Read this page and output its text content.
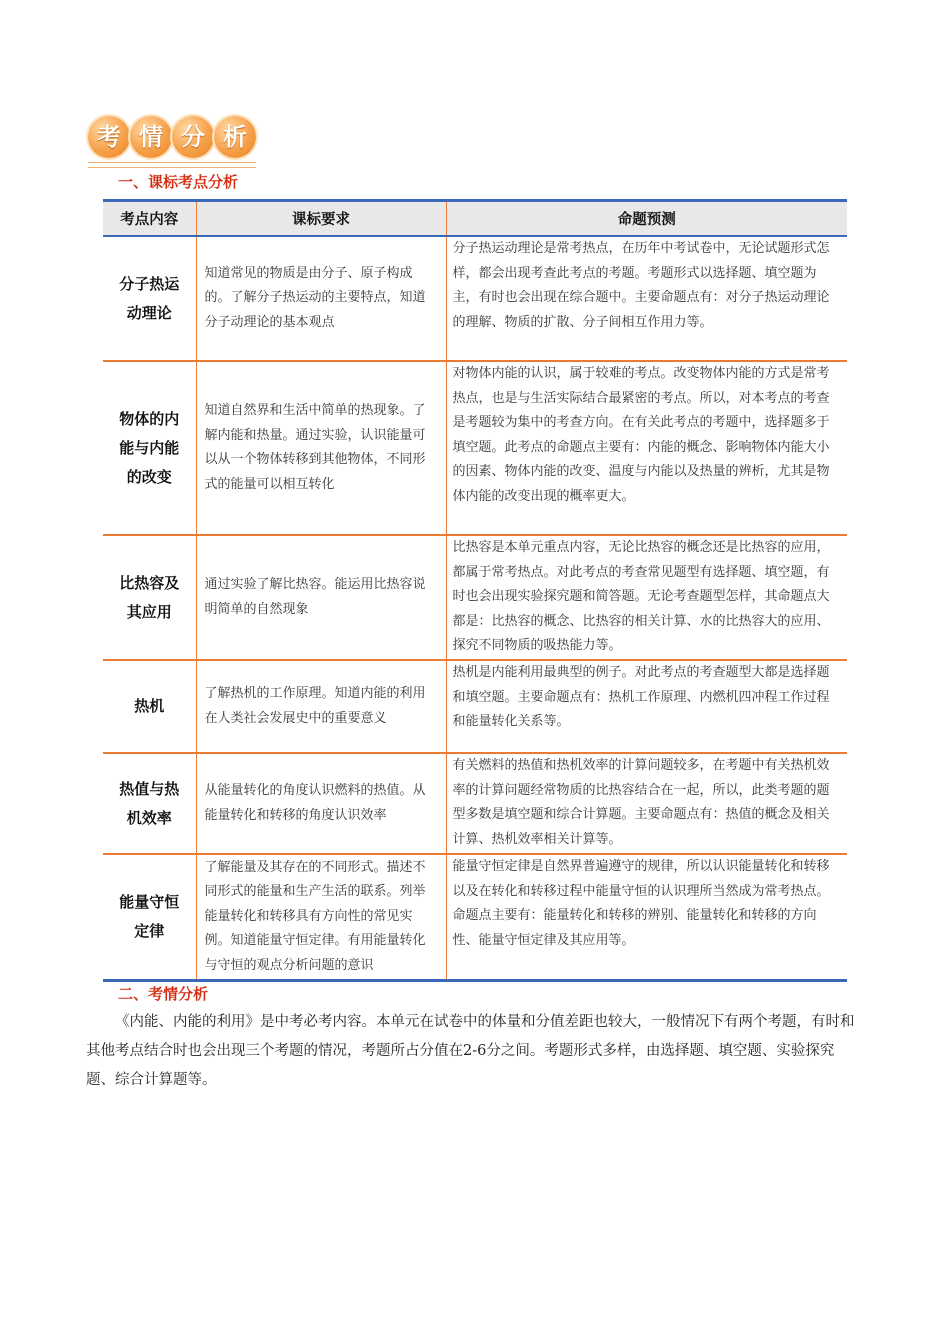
考 情 分 析
一、课标考点分析
考点内容	课标要求	命题预测
分子热运动理论	知道常见的物质是由分子、原子构成的。了解分子热运动的主要特点，知道分子动理论的基本观点	分子热运动理论是常考热点，在历年中考试卷中，无论试题形式怎样，都会出现考查此考点的考题。考题形式以选择题、填空题为主，有时也会出现在综合题中。主要命题点有：对分子热运动理论的理解、物质的扩散、分子间相互作用力等。
物体的内能与内能的改变	知道自然界和生活中简单的热现象。了解内能和热量。通过实验，认识能量可以从一个物体转移到其他物体，不同形式的能量可以相互转化	对物体内能的认识，属于较难的考点。改变物体内能的方式是常考热点，也是与生活实际结合最紧密的考点。所以，对本考点的考查是考题较为集中的考查方向。在有关此考点的考题中，选择题多于填空题。此考点的命题点主要有：内能的概念、影响物体内能大小的因素、物体内能的改变、温度与内能以及热量的辨析，尤其是物体内能的改变出现的概率更大。
比热容及其应用	通过实验了解比热容。能运用比热容说明简单的自然现象	比热容是本单元重点内容，无论比热容的概念还是比热容的应用，都属于常考热点。对此考点的考查常见题型有选择题、填空题，有时也会出现实验探究题和简答题。无论考查题型怎样，其命题点大都是：比热容的概念、比热容的相关计算、水的比热容大的应用、探究不同物质的吸热能力等。
热机	了解热机的工作原理。知道内能的利用在人类社会发展史中的重要意义	热机是内能利用最典型的例子。对此考点的考查题型大都是选择题和填空题。主要命题点有：热机工作原理、内燃机四冲程工作过程和能量转化关系等。
热值与热机效率	从能量转化的角度认识燃料的热值。从能量转化和转移的角度认识效率	有关燃料的热值和热机效率的计算问题较多，在考题中有关热机效率的计算问题经常物质的比热容结合在一起，所以，此类考题的题型多数是填空题和综合计算题。主要命题点有：热值的概念及相关计算、热机效率相关计算等。
能量守恒定律	了解能量及其存在的不同形式。描述不同形式的能量和生产生活的联系。列举能量转化和转移具有方向性的常见实例。知道能量守恒定律。有用能量转化与守恒的观点分析问题的意识	能量守恒定律是自然界普遍遵守的规律，所以认识能量转化和转移以及在转化和转移过程中能量守恒的认识理所当然成为常考热点。命题点主要有：能量转化和转移的辨别、能量转化和转移的方向性、能量守恒定律及其应用等。
二、考情分析
《内能、内能的利用》是中考必考内容。本单元在试卷中的体量和分值差距也较大，一般情况下有两个考题，有时和其他考点结合时也会出现三个考题的情况，考题所占分值在2-6分之间。考题形式多样，由选择题、填空题、实验探究题、综合计算题等。
